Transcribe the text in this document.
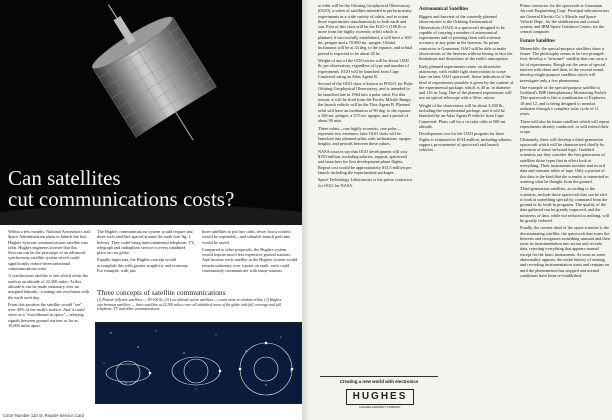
Can satellites
cut communications costs?

Within a few months, National Aeronautics and Space Administration plans to launch the first Hughes Syncom communications satellite into orbit. Hughes engineers foresee that this Syncom can be the prototype of an advanced synchronous satellite system which could significantly reduce intercontinental communications costs.

A synchronous satellite is one which orbits the earth at an altitude of 22,300 miles. At this altitude it can be made stationary over an assigned latitude—rotating one revolution with the earth each day.

From this position the satellite would "see" over 40% of the earth's surface. And it could serve as a "switchboard in space"—relaying signals between ground stations as far as 10,000 miles apart.

The Hughes communications system would require just three such satellites spaced around the earth (see fig. 1 below). They could bring intercontinental telephone, TV, telegraph and radiophoto service to every inhabited place on our globe.

Equally important, the Hughes concept would accomplish this with greater simplicity and economy. For example, with just

three satellites to put into orbit, fewer boost rockets would be expended—and valuable launch pad time would be saved.

Compared to other proposals, the Hughes system would require much less expensive ground stations. And because each satellite in the Hughes system would remain stationary over a point on earth, each could continuously communicate with many stations.

Three concepts of satellite communications

(1) Passive reflector satellites — 50-100 lb; (2) Low altitude active satellites — count more at random orbits; (3) Hughes synchronous satellites — three satellites at 22,300 miles cover all inhabited areas of the globe with full coverage and full telephone, TV and other communications.

Circle Number 110 on Reader-Service Card

to orbit will be the Orbiting Geophysical Observatory (OGO), a series of satellites intended to perform many experiments in a wide variety of orbits, and to orient those experiments simultaneously to both earth and sun. First of this class will be the EGO-1 (180 lb or more from the highly eccentric orbit) which is planned, if successfully established, it will have a 160-mi. perigee and a 70,000-mi. apogee. Orbital inclination will be at 33 deg. to the equator, and orbital period is expected to be about 45 hr.

Weight of any of the OGO series will be about 1,000 lb, per observatory, regardless of type and number of experiments. EGO will be launched from Cape Canaveral using an Atlas Agena B.

Second of the OGO class is known as POGO, for Polar Orbiting Geophysical Observatory, and is intended to be launched late in 1964 into a polar orbit. For this reason, it will be fired from the Pacific Missile Range; the launch vehicle will be the Thor Agena B. Planned orbit will have an inclination of 90 deg. to the equator, a 160-mi. perigee, a 575-mi. apogee, and a period of about 90 min.

These orbits—one highly eccentric, one polar—represent two extremes; later OGO shots will be launched into planned orbits with inclinations, apogee heights, and periods between these values.

NASA sources say that OGO development will cost $150 million, including salaries, support, spacecraft and launchers for first development-phase flights. Repeat cost would be approximately $13.5 million per launch including the experimental packages.

Space Technology Laboratories is the prime contractor for OGO for NASA.

Astronomical Satellites

Biggest and heaviest of the currently planned observatories is the Orbiting Astronomical Observatory (OAO) is a spacecraft designed to be capable of carrying a number of astronomical experiments and of pointing them with extreme accuracy at any point in the heavens. Its prime contractor is Grumman. OAO will be able to make observations of the heavens without having to face the limitations and distortions of the earth's atmosphere.

Early planned experiments center on ultraviolet astronomy, with visible light observations to come later on later OAO spacecraft. Some indication of the kind of experiments possible is given by the content of the experimental package, which is 40 in. in diameter and 116 in. long. One of the planned experiments will use an optical telescope with a 36-in. mirror.

Weight of the observatory will be about 3,500 lb., including the experimental package, and it will be launched by an Atlas Agena B vehicle from Cape Canaveral. Plans call for a circular orbit at 500-mi. altitude.

Development cost for the OAO program for three flights is estimated at $134 million, including salaries, support, procurement of spacecraft and launch vehicles.

Prime contractor for the spacecraft is Grumman Aircraft Engineering Corp. Principal subcontractors are General Electric Co.'s Missile and Space Vehicle Dept., for the stabilization and control system, and IBM Space Guidance Center, for the central computer.

Future Satellites

Meanwhile, the special-purpose satellites show a future. The philosophy seems to be two-pronged: first, develop a "structure" satellite that can carry a lot of experiments. Rough out the areas of special interest with these and then, in the second round, develop single-purpose satellites which will investigate only a few phenomena.

One example of the special-purpose satellite is Goddard's IMP (Interplanetary Monitoring Probe). This spacecraft is like a combination of Explorers 10 and 12, and is being designed to monitor radiation through a complete solar cycle of 11 years.

There will also be future satellites which will repeat experiments already conducted, or will extend their scope.

Ultimately, there will develop a third-generation spacecraft which will be characterized chiefly by precision of some on-board logic. Goddard scientists say they consider the first generation of satellites those types that in effect look at everything. Their instruments monitor and record data and transmit miles of tape. Only a portion of this data is the kind that the scientist is interested in wanting what he thought from the ground.

Third-generation satellites, according to the scientists, include those spacecraft that can be told to look at something special by command from the ground or by built-in programs. The quality of the data gathered can be greatly improved, and the noisiness of data, while not reduced to nothing, will be greatly reduced.

Finally, the current ideal of the space scientist is the discriminating satellite, the spacecraft that scans the heavens and recognizes something unusual and then turns its instrumentation into action and records data, rejecting everything that appears normal except for the basic instruments. As soon as some abnormality appears, the entire battery of sensing and recording instrumentation starts and remains on until the phenomenon has stopped and normal conditions have been re-established.

Creating a new world with electronics
HUGHES
HUGHES AIRCRAFT COMPANY
